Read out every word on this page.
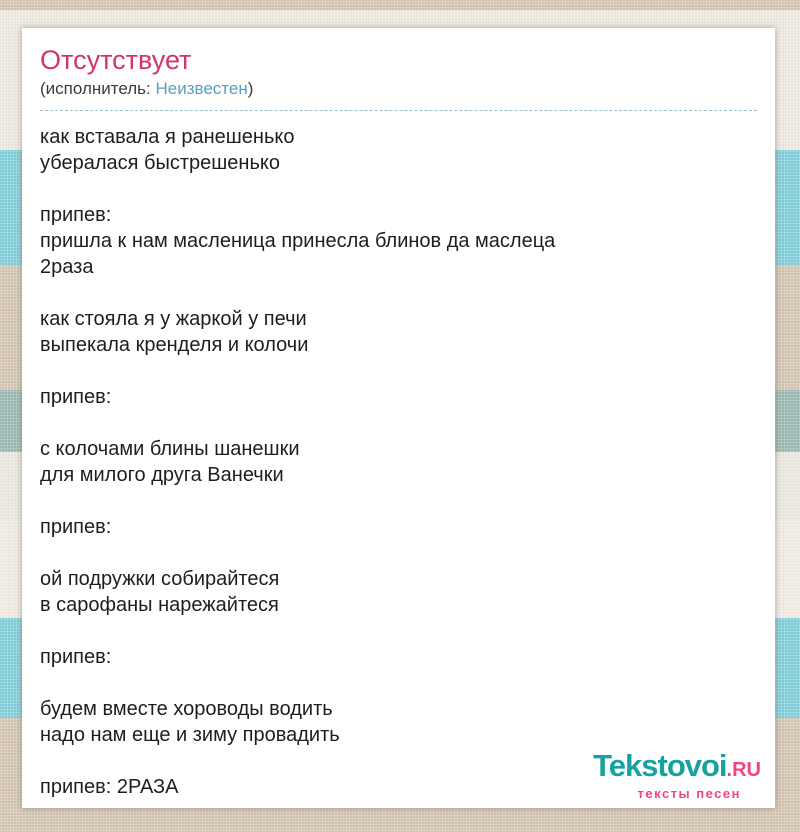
Отсутствует
(исполнитель: Неизвестен)
как вставала я ранешенько
убералася быстрешенько

припев:
пришла к нам масленица принесла блинов да маслеца
2раза

как стояла я у жаркой у печи
выпекала кренделя и колочи

припев:

с колочами блины шанешки
для милого друга Ванечки

припев:

ой подружки собирайтеся
в сарофаны нарежайтеся

припев:

будем вместе хороводы водить
надо нам еще и зиму провадить

припев: 2РАЗА
Tekstovoi.RU
тексты песен
